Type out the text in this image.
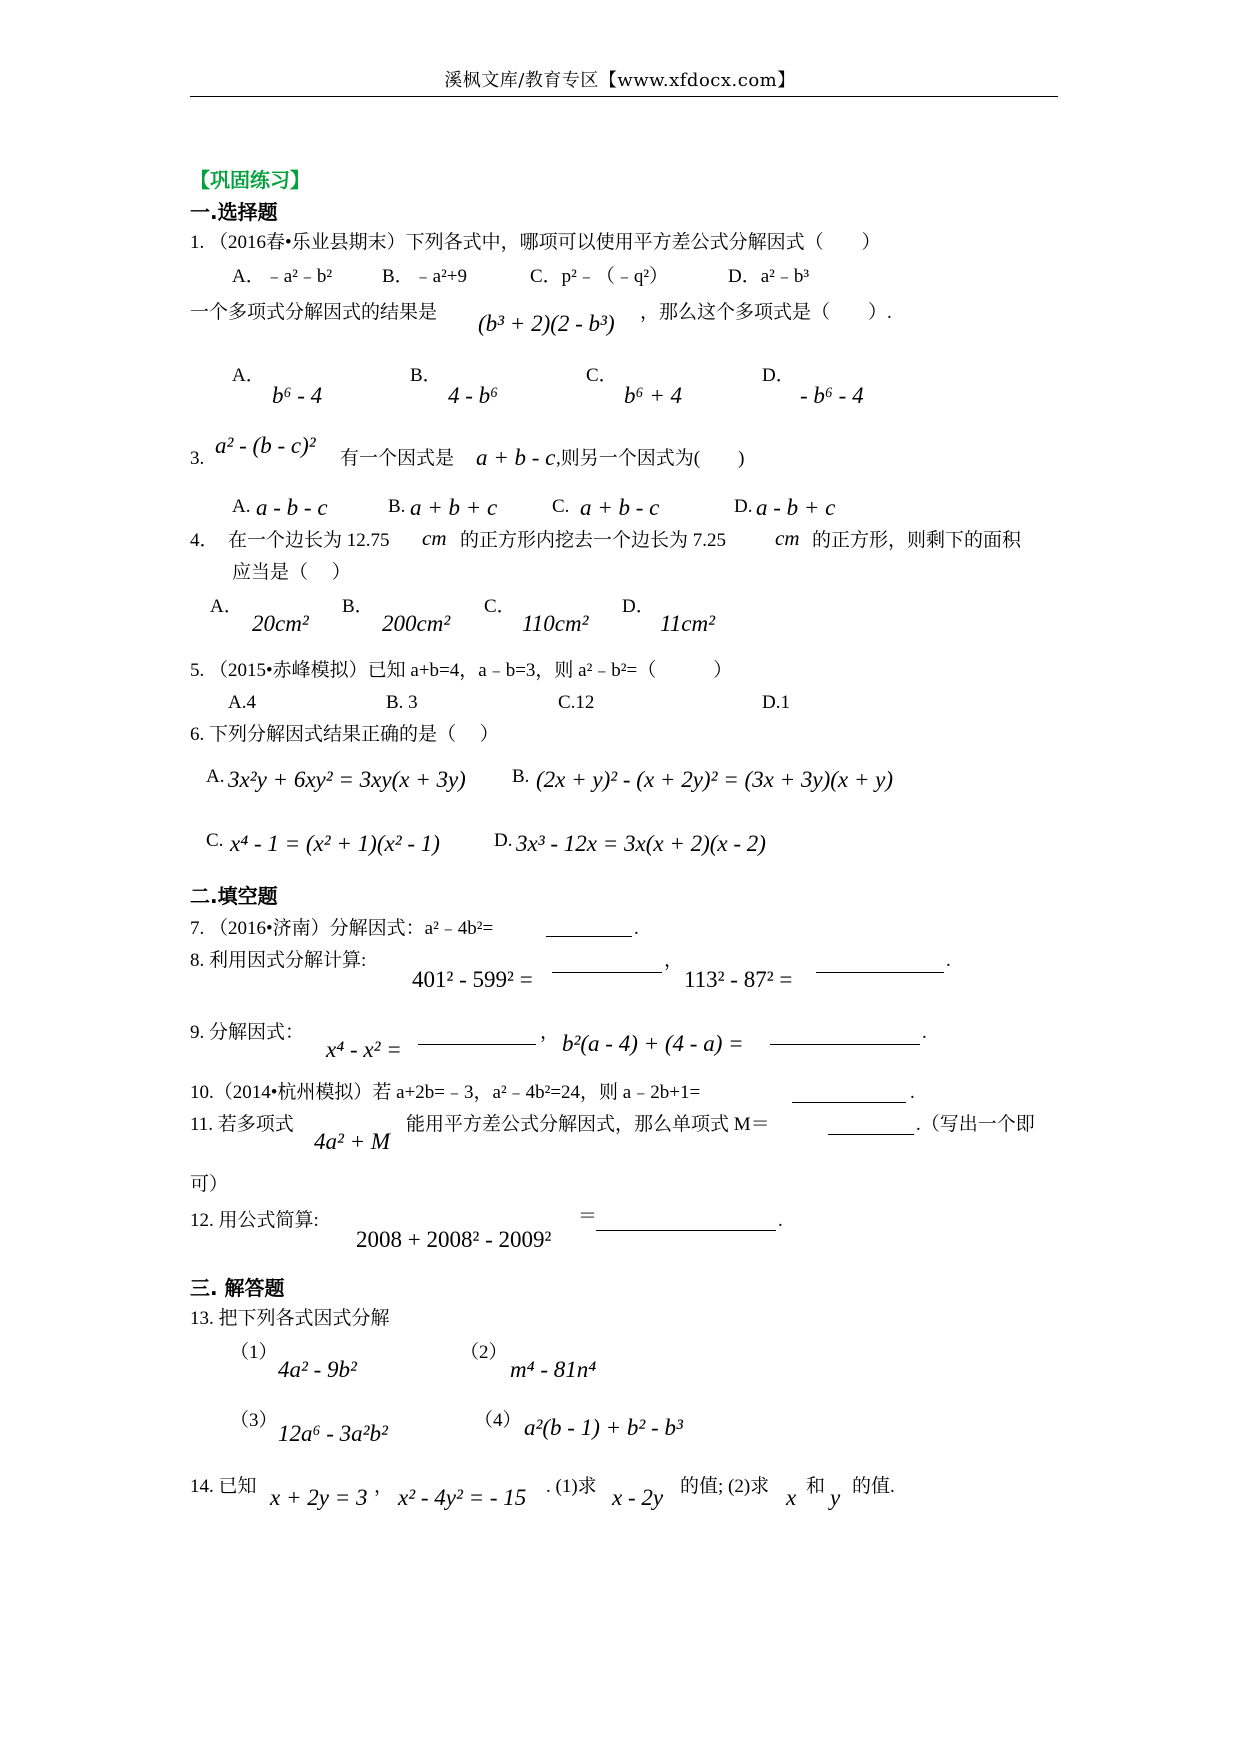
溪枫文库/教育专区【www.xfdocx.com】
【巩固练习】
一.选择题
1. （2016春•乐业县期末）下列各式中，哪项可以使用平方差公式分解因式（　　）
A．﹣a²﹣b²	B．﹣a²+9	C．p²﹣（﹣q²）	D．a²﹣b³
一个多项式分解因式的结果是 (b³ + 2)(2 - b³) ，那么这个多项式是（　　）.
A．
b⁶ - 4
B．
4 - b⁶
C．
b⁶ + 4
D．
- b⁶ - 4
3.
a² - (b - c)²
有一个因式是 a + b - c ,则另一个因式为(　　)
A. a - b - c	B. a + b + c	C. a + b - c	D. a - b + c
4．　在一个边长为 12.75 cm 的正方形内挖去一个边长为 7.25 cm 的正方形，则剩下的面积
应当是（　 ）
A．
20cm²
B．
200cm²
C．
110cm²
D．
11cm²
5. （2015•赤峰模拟）已知 a+b=4，a﹣b=3，则 a²﹣b²=（　　　）
A.4	B. 3	C.12	D.1
6. 下列分解因式结果正确的是（　 ）
A. 3x²y + 6xy² = 3xy(x + 3y) B. (2x + y)² - (x + 2y)² = (3x + 3y)(x + y)
C. x⁴ - 1 = (x² + 1)(x² - 1)	D. 3x³ - 12x = 3x(x + 2)(x - 2)
二.填空题
7. （2016•济南）分解因式：a²﹣4b²=	.
8. 利用因式分解计算:
401² - 599² =
，
113² - 87² =
.
9. 分解因式：
x⁴ - x² =
， b²(a - 4) + (4 - a) =	.
10.（2014•杭州模拟）若 a+2b=﹣3，a²﹣4b²=24，则 a﹣2b+1=	.
11. 若多项式
4a² + M
能用平方差公式分解因式，那么单项式 M＝	.（写出一个即
可）
12. 用公式简算:
2008 + 2008² - 2009²
＝	.
三. 解答题
13. 把下列各式因式分解
（1）
4a² - 9b²
（2）
m⁴ - 81n⁴
（3）
12a⁶ - 3a²b²
（4） a²(b - 1) + b² - b³
14. 已知 x + 2y = 3 ， x² - 4y² = - 15 . (1)求 x - 2y 的值; (2)求 x 和 y 的值.
